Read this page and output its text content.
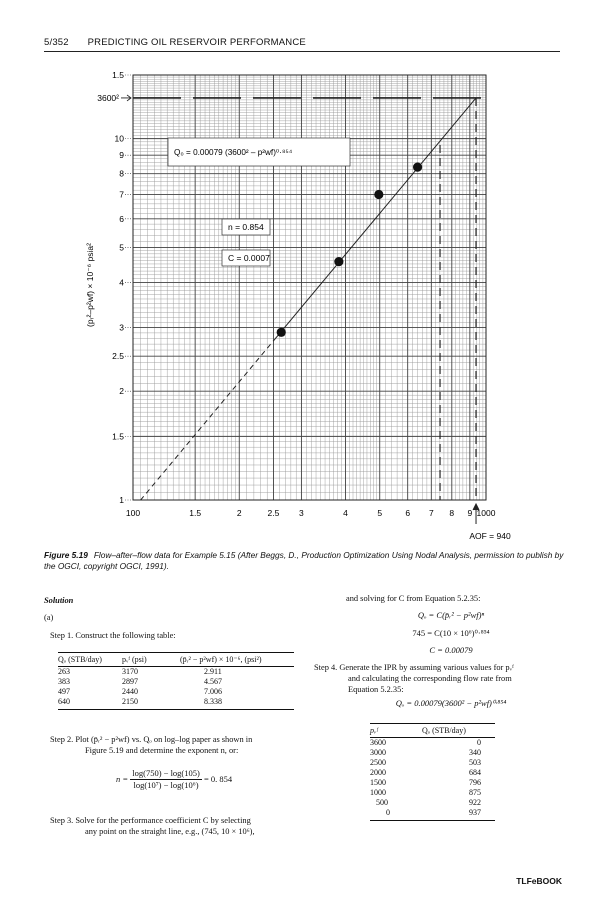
5/352 PREDICTING OIL RESERVOIR PERFORMANCE
100	1.5	2	2.5 3	4	5	6 7 8 9 1000
1
1.5
2
2.5
3
4
5
6
7
8
9
10
1.5
3600²
AOF = 940
Q₀ = 0.00079 (3600² – p²wf)⁰·⁸⁵⁴
n = 0.854
C = 0.0007
(pᵣ²–p²wf) × 10⁻⁶ psia²
Figure 5.19 Flow–after–flow data for Example 5.15 (After Beggs, D., Production Optimization Using Nodal Analysis, permission to publish by the OGCI, copyright OGCI, 1991).
Solution
(a)
Step 1. Construct the following table:
Qₒ (STB/day)	pᵥᶠ (psi)	(p̄ᵣ² − p²wf) × 10⁻⁶, (psi²)
263	3170	2.911
383	2897	4.567
497	2440	7.006
640	2150	8.338
Step 2. Plot (p̄ᵣ² − p²wf) vs. Qₒ on log–log paper as shown in
Figure 5.19 and determine the exponent n, or:
$n = \frac{\log(750) - \log(105)}{\text{log(10⁷) − log(10⁶)}} = 0$. 854
Step 3. Solve for the performance coefficient C by selecting
any point on the straight line, e.g., (745, 10 × 10⁶),
and solving for C from Equation 5.2.35:
Qₒ = C(p̄ᵣ² − p²wf)ⁿ
745 = C(10 × 10⁶)⁰·⁸⁵⁴
C = 0.00079
Step 4. Generate the IPR by assuming various values for pᵥᶠ
and calculating the corresponding flow rate from
Equation 5.2.35:
Qₒ = 0.00079(3600² − p²wf)⁰·⁸⁵⁴
pᵥᶠ	Qₒ (STB/day)
3600	0
3000	340
2500	503
2000	684
1500	796
1000	875
500	922
0	937
TLFeBOOK
